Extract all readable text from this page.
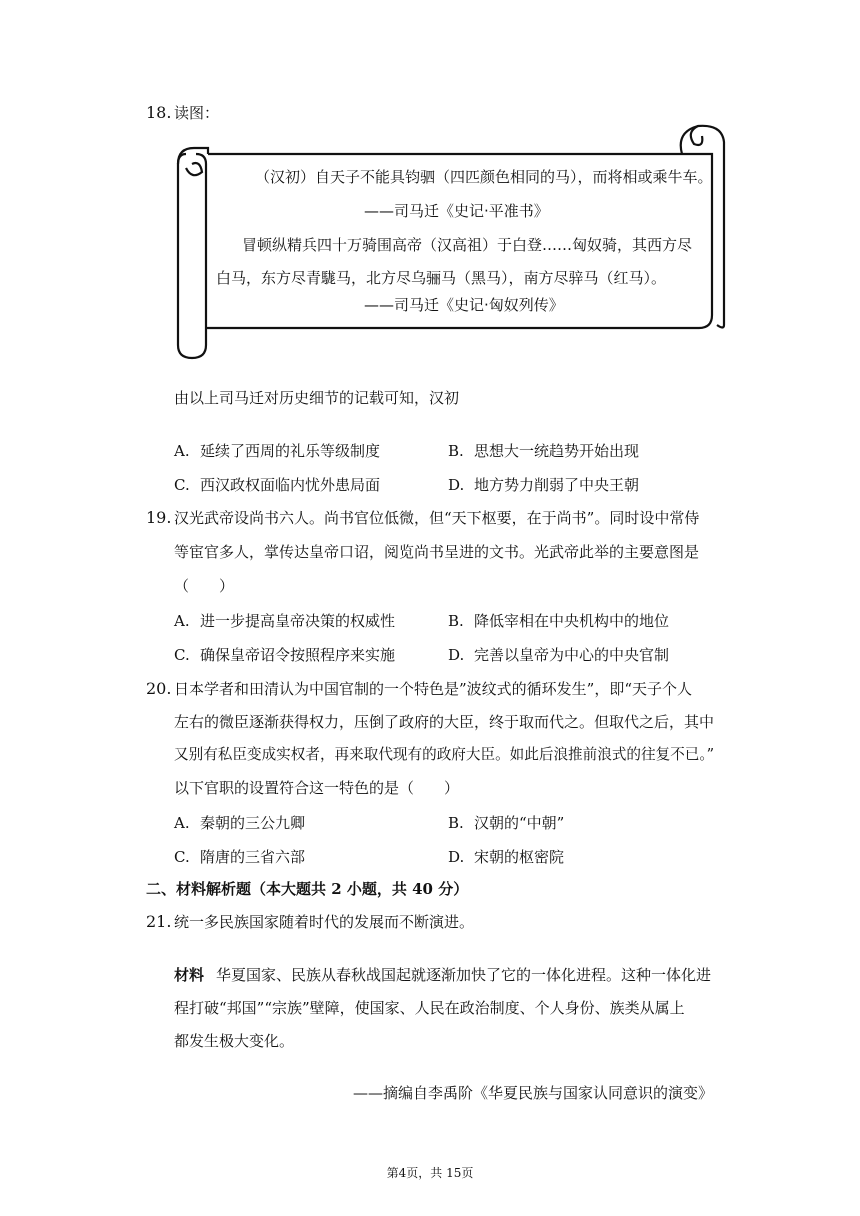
18. 读图：
（汉初）自天子不能具钧驷（四匹颜色相同的马），而将相或乘牛车。
——司马迁《史记·平准书》
冒顿纵精兵四十万骑围高帝（汉高祖）于白登……匈奴骑，其西方尽
白马，东方尽青駹马，北方尽乌骊马（黑马），南方尽骍马（红马）。
——司马迁《史记·匈奴列传》
由以上司马迁对历史细节的记载可知，汉初
A. 延续了西周的礼乐等级制度	B. 思想大一统趋势开始出现
C. 西汉政权面临内忧外患局面	D. 地方势力削弱了中央王朝
19. 汉光武帝设尚书六人。尚书官位低微，但“天下枢要，在于尚书”。同时设中常侍
等宦官多人，掌传达皇帝口诏，阅览尚书呈进的文书。光武帝此举的主要意图是
（　　）
A. 进一步提高皇帝决策的权威性	B. 降低宰相在中央机构中的地位
C. 确保皇帝诏令按照程序来实施	D. 完善以皇帝为中心的中央官制
20. 日本学者和田清认为中国官制的一个特色是”波纹式的循环发生”，即“天子个人
左右的微臣逐渐获得权力，压倒了政府的大臣，终于取而代之。但取代之后，其中
又别有私臣变成实权者，再来取代现有的政府大臣。如此后浪推前浪式的往复不已。”
以下官职的设置符合这一特色的是（　　）
A. 秦朝的三公九卿	B. 汉朝的“中朝”
C. 隋唐的三省六部	D. 宋朝的枢密院
二、材料解析题（本大题共 2 小题，共 40 分）
21. 统一多民族国家随着时代的发展而不断演进。
材料 华夏国家、民族从春秋战国起就逐渐加快了它的一体化进程。这种一体化进
程打破“邦国”“宗族”壁障，使国家、人民在政治制度、个人身份、族类从属上
都发生极大变化。
——摘编自李禹阶《华夏民族与国家认同意识的演变》
第4页，共 15页
